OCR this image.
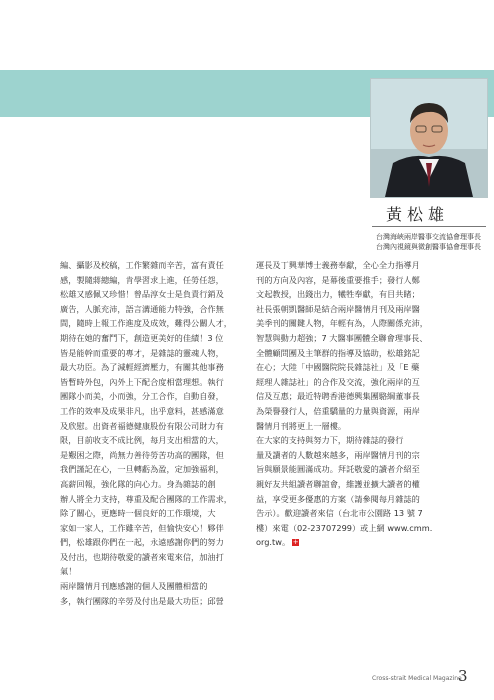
黃松雄
台灣海峽兩岸醫事交流協會理事長
台灣內視鏡與微創醫事協會理事長

編、攝影及校稿，工作繁雜而辛苦，富有責任
感，製隨蔣總編，肯學習求上進，任勞任怨，
松雄又感佩又珍惜！曾品淳女士是負責行銷及
廣告，人脈充沛，語言溝通能力特強，合作無
間，隨時上報工作進度及成效，難得公關人才，
期待在她的奮鬥下，創造更美好的佳績！3 位
皆是能幹而重要的專才，是雜誌的靈魂人物，
最大功臣。為了減輕經濟壓力，有關其他事務
皆暫時外包，內外上下配合度相當理想。執行
團隊小而美，小而強，分工合作，自動自發，
工作的效率及成果非凡，出乎意料，甚感滿意
及欣慰。出資者福德健康股份有限公司財力有
限，目前收支不成比例，每月支出相當的大，
是艱困之際，尚無力善待勞苦功高的團隊，但
我們謹記在心，一旦轉虧為盈，定加強福利，
高薪回報，強化隊的向心力。身為雜誌的創
辦人將全力支持，尊重及配合團隊的工作需求，
除了關心，更應時一個良好的工作環境，大
家如一家人，工作雖辛苦，但愉快安心！夥伴
們，松雄跟你們在一起，永遠感謝你們的努力
及付出，也期待敬愛的讀者來電來信，加油打
氣！

兩岸醫情月刊應感謝的個人及團體相當的
多，執行團隊的辛勞及付出是最大功臣；邱營

運長及丁興華博士義務奉獻，全心全力指導月
刊的方向及內容，是幕後重要推手；發行人鄭
文起教授，出錢出力，犧牲奉獻，有目共睹；
社長張朝凱醫師是結合兩岸醫情月刊及兩岸醫
美季刊的關鍵人物，年輕有為，人際關係充沛，
智慧與動力超強；7 大醫事團體全聯會理事長、
全體顧問團及主筆群的指導及協助，松雄銘記
在心；大陸「中國醫院院長雜誌社」及「E 藥
經理人雜誌社」的合作及交流，強化兩岸的互
信及互惠；最近特聘香港德興集團駱綱董事長
為榮譽發行人，倍重驕量的力量與資源，兩岸
醫情月刊將更上一層樓。

在大家的支持與努力下，期待雜誌的發行
量及讀者的人數越來越多，兩岸醫情月刊的宗
旨與願景能圓滿成功。拜託敬愛的讀者介紹至
親好友共組讀者聯誼會，維護並擴大讀者的權
益，享受更多優惠的方案（請參閱每月雜誌的
告示）。歡迎讀者來信（台北市公園路 13 號 7
樓）來電（02-23707299）或上網 www.cmm.
org.tw。 +

Cross-strait Medical Magazine
3
